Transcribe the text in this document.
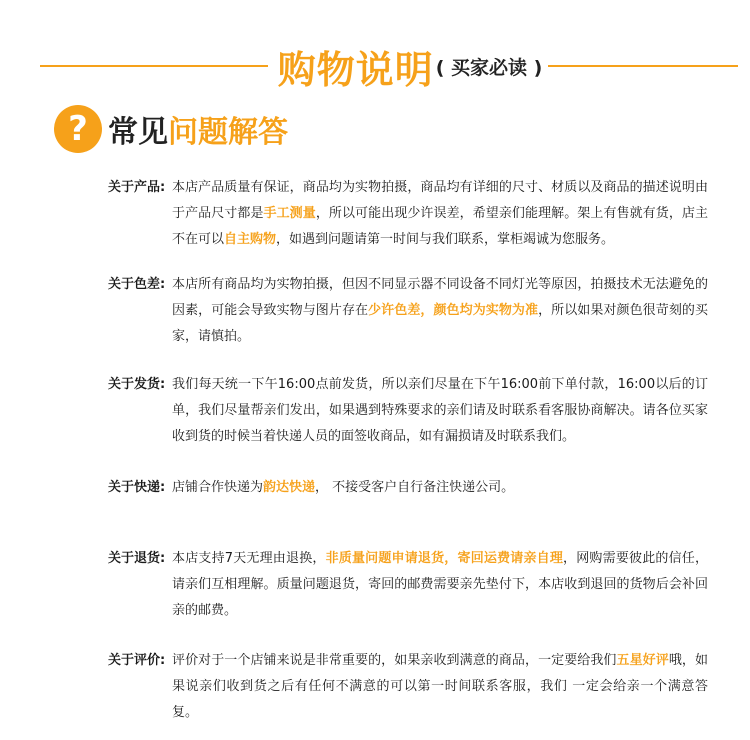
购物说明 ( 买家必读 )
? 常见问题解答
关于产品: 本店产品质量有保证，商品均为实物拍摄，商品均有详细的尺寸、材质以及商品的描述说明由于产品尺寸都是手工测量，所以可能出现少许误差，希望亲们能理解。架上有售就有货，店主不在可以自主购物，如遇到问题请第一时间与我们联系，掌柜竭诚为您服务。
关于色差: 本店所有商品均为实物拍摄，但因不同显示器不同设备不同灯光等原因，拍摄技术无法避免的因素，可能会导致实物与图片存在少许色差，颜色均为实物为准，所以如果对颜色很苛刻的买家，请慎拍。
关于发货: 我们每天统一下午16:00点前发货，所以亲们尽量在下午16:00前下单付款，16:00以后的订单，我们尽量帮亲们发出，如果遇到特殊要求的亲们请及时联系看客服协商解决。请各位买家收到货的时候当着快递人员的面签收商品，如有漏损请及时联系我们。
关于快递: 店铺合作快递为韵达快递， 不接受客户自行备注快递公司。
关于退货: 本店支持7天无理由退换，非质量问题申请退货，寄回运费请亲自理，网购需要彼此的信任，请亲们互相理解。质量问题退货，寄回的邮费需要亲先垫付下，本店收到退回的货物后会补回亲的邮费。
关于评价: 评价对于一个店铺来说是非常重要的，如果亲收到满意的商品，一定要给我们五星好评哦，如果说亲们收到货之后有任何不满意的可以第一时间联系客服，我们 一定会给亲一个满意答复。
